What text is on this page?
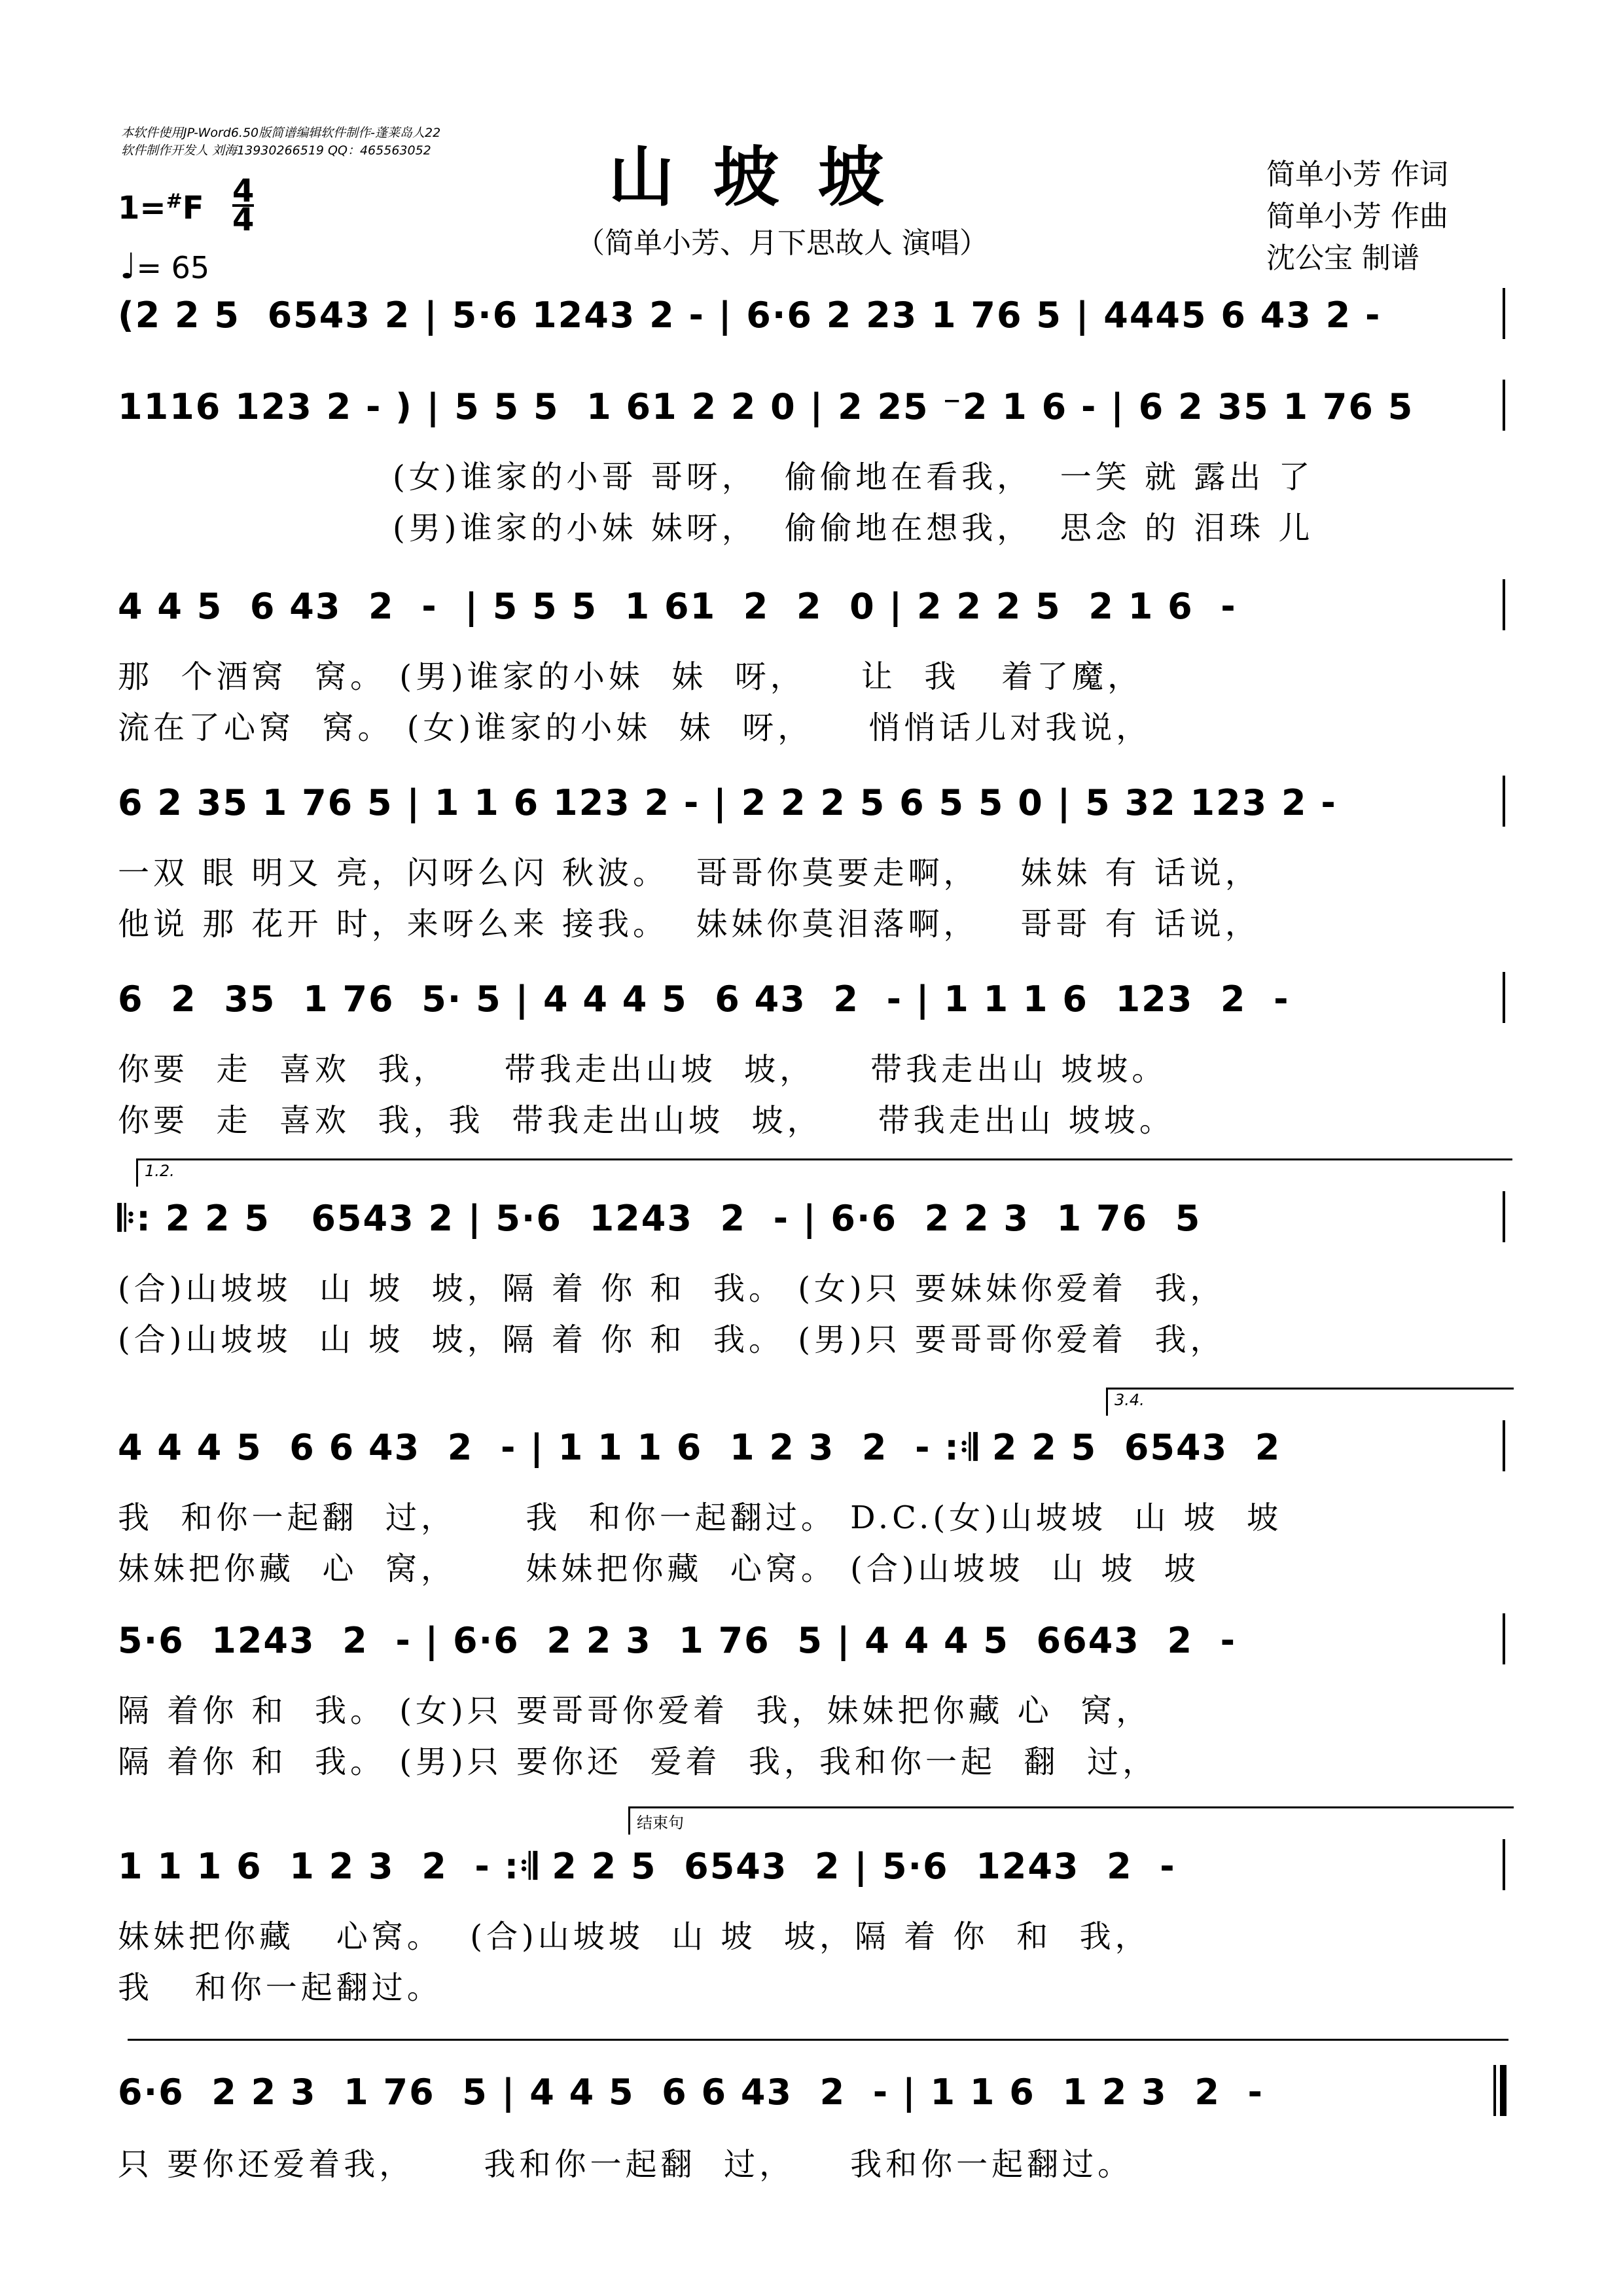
本软件使用JP-Word6.50版简谱编辑软件制作-蓬莱岛人22
软件制作开发人 刘海13930266519 QQ：465563052	山坡坡
（简单小芳、月下思故人 演唱）
简单小芳 作词
简单小芳 作曲
沈公宝 制谱
1=#F 4
4
♩= 65
(2 2 5  6543 2 | 5·6 1243 2 - | 6·6 2 23 1 76 5 | 4445 6 43 2 -
1116 123 2 - ) | 5 5 5  1 61 2 2 0 | 2 25 ⁻2 1 6 - | 6 2 35 1 76 5
(女)谁家的小哥 哥呀，  偷偷地在看我，  一笑 就 露出 了
(男)谁家的小妹 妹呀，  偷偷地在想我，  思念 的 泪珠 儿
4 4 5  6 43  2  -  | 5 5 5  1 61  2  2  0 | 2 2 2 5  2 1 6  -
那  个酒窝  窝。 (男)谁家的小妹  妹  呀，    让  我   着了魔，
流在了心窝  窝。 (女)谁家的小妹  妹  呀，    悄悄话儿对我说，
6 2 35 1 76 5 | 1 1 6 123 2 - | 2 2 2 5 6 5 5 0 | 5 32 123 2 -
一双 眼 明又 亮，闪呀么闪 秋波。  哥哥你莫要走啊，   妹妹 有 话说，
他说 那 花开 时，来呀么来 接我。  妹妹你莫泪落啊，   哥哥 有 话说，
6  2  35  1 76  5· 5 | 4 4 4 5  6 43  2  - | 1 1 1 6  123  2  -
你要  走  喜欢  我，    带我走出山坡  坡，    带我走出山 坡坡。
你要  走  喜欢  我，我  带我走出山坡  坡，    带我走出山 坡坡。
1.2.
𝄆: 2 2 5   6543 2 | 5·6  1243  2  - | 6·6  2 2 3  1 76  5
(合)山坡坡  山 坡  坡，隔 着 你 和  我。 (女)只 要妹妹你爱着  我，
(合)山坡坡  山 坡  坡，隔 着 你 和  我。 (男)只 要哥哥你爱着  我，
3.4.
4 4 4 5  6 6 43  2  - | 1 1 1 6  1 2 3  2  - :𝄇 2 2 5  6543  2
我  和你一起翻  过，     我  和你一起翻过。 D.C.(女)山坡坡  山 坡  坡
妹妹把你藏  心  窝，     妹妹把你藏  心窝。 (合)山坡坡  山 坡  坡
5·6  1243  2  - | 6·6  2 2 3  1 76  5 | 4 4 4 5  6643  2  -
隔 着你 和  我。 (女)只 要哥哥你爱着  我，妹妹把你藏 心  窝，
隔 着你 和  我。 (男)只 要你还  爱着  我，我和你一起  翻  过，
结束句
1 1 1 6  1 2 3  2  - :𝄇 2 2 5  6543  2 | 5·6  1243  2  -
妹妹把你藏   心窝。  (合)山坡坡  山 坡  坡，隔 着 你  和  我，
我   和你一起翻过。
6·6  2 2 3  1 76  5 | 4 4 5  6 6 43  2  - | 1 1 6  1 2 3  2  -
只 要你还爱着我，     我和你一起翻  过，    我和你一起翻过。
